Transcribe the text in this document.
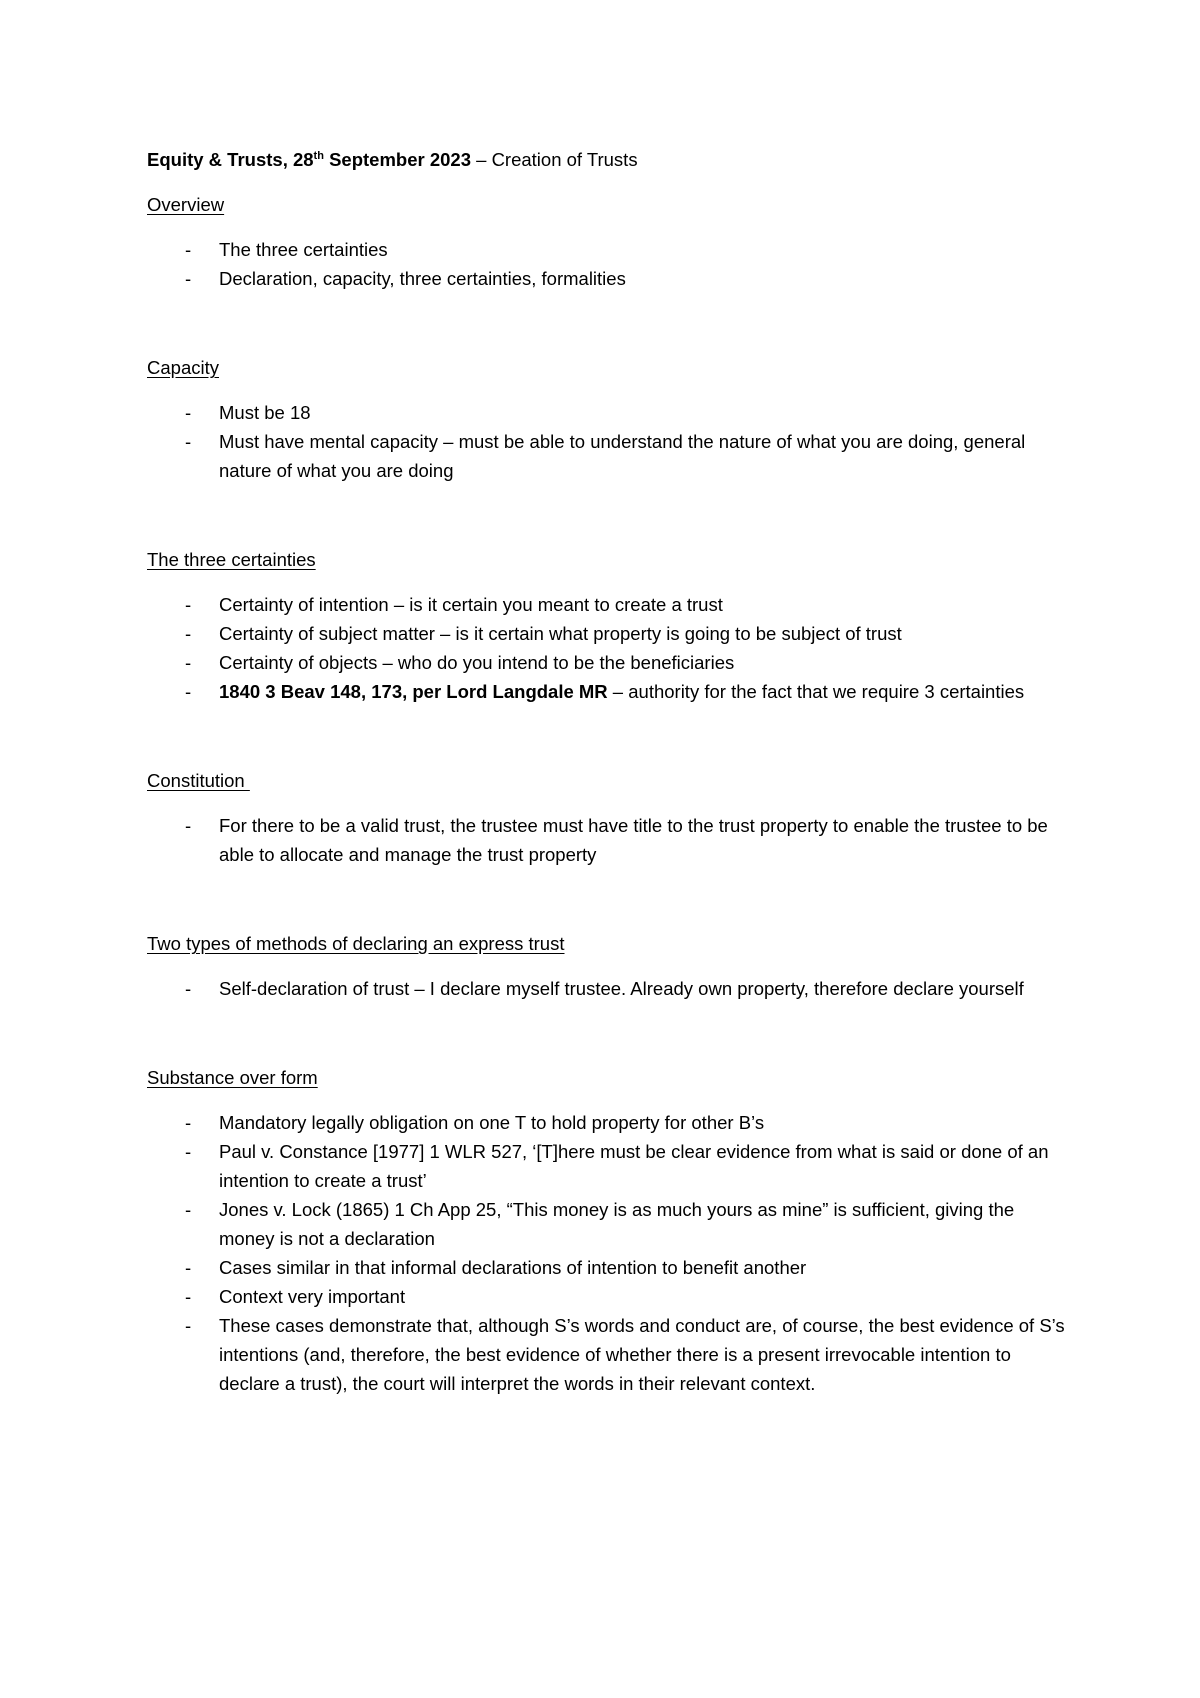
Equity & Trusts, 28th September 2023 – Creation of Trusts

Overview

- The three certainties
- Declaration, capacity, three certainties, formalities

Capacity

- Must be 18
- Must have mental capacity – must be able to understand the nature of what you are doing, general nature of what you are doing

The three certainties

- Certainty of intention – is it certain you meant to create a trust
- Certainty of subject matter – is it certain what property is going to be subject of trust
- Certainty of objects – who do you intend to be the beneficiaries
- 1840 3 Beav 148, 173, per Lord Langdale MR – authority for the fact that we require 3 certainties

Constitution

- For there to be a valid trust, the trustee must have title to the trust property to enable the trustee to be able to allocate and manage the trust property

Two types of methods of declaring an express trust

- Self-declaration of trust – I declare myself trustee. Already own property, therefore declare yourself

Substance over form

- Mandatory legally obligation on one T to hold property for other B’s
- Paul v. Constance [1977] 1 WLR 527, ‘[T]here must be clear evidence from what is said or done of an intention to create a trust’
- Jones v. Lock (1865) 1 Ch App 25, “This money is as much yours as mine” is sufficient, giving the money is not a declaration
- Cases similar in that informal declarations of intention to benefit another
- Context very important
- These cases demonstrate that, although S’s words and conduct are, of course, the best evidence of S’s intentions (and, therefore, the best evidence of whether there is a present irrevocable intention to declare a trust), the court will interpret the words in their relevant context.
